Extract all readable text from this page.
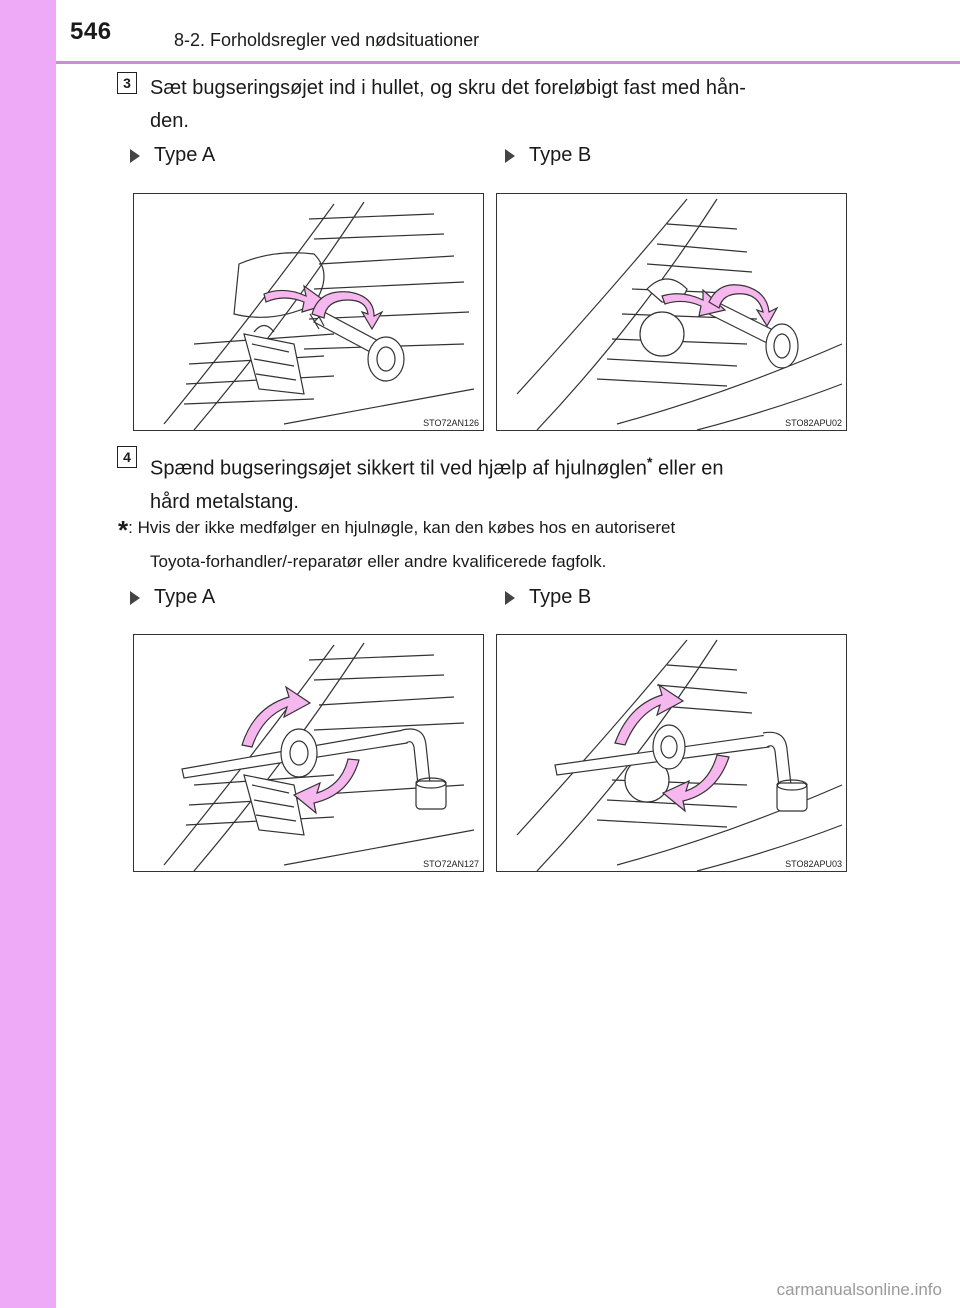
546	8-2. Forholdsregler ved nødsituationer
3 Sæt bugseringsøjet ind i hullet, og skru det foreløbigt fast med hån-
den.
Type A	Type B
STO72AN126	STO82APU02
4
Spænd bugseringsøjet sikkert til ved hjælp af hjulnøglen* eller en
hård metalstang.
*: Hvis der ikke medfølger en hjulnøgle, kan den købes hos en autoriseret
Toyota-forhandler/-reparatør eller andre kvalificerede fagfolk.
Type A	Type B
STO72AN127	STO82APU03
carmanualsonline.info
